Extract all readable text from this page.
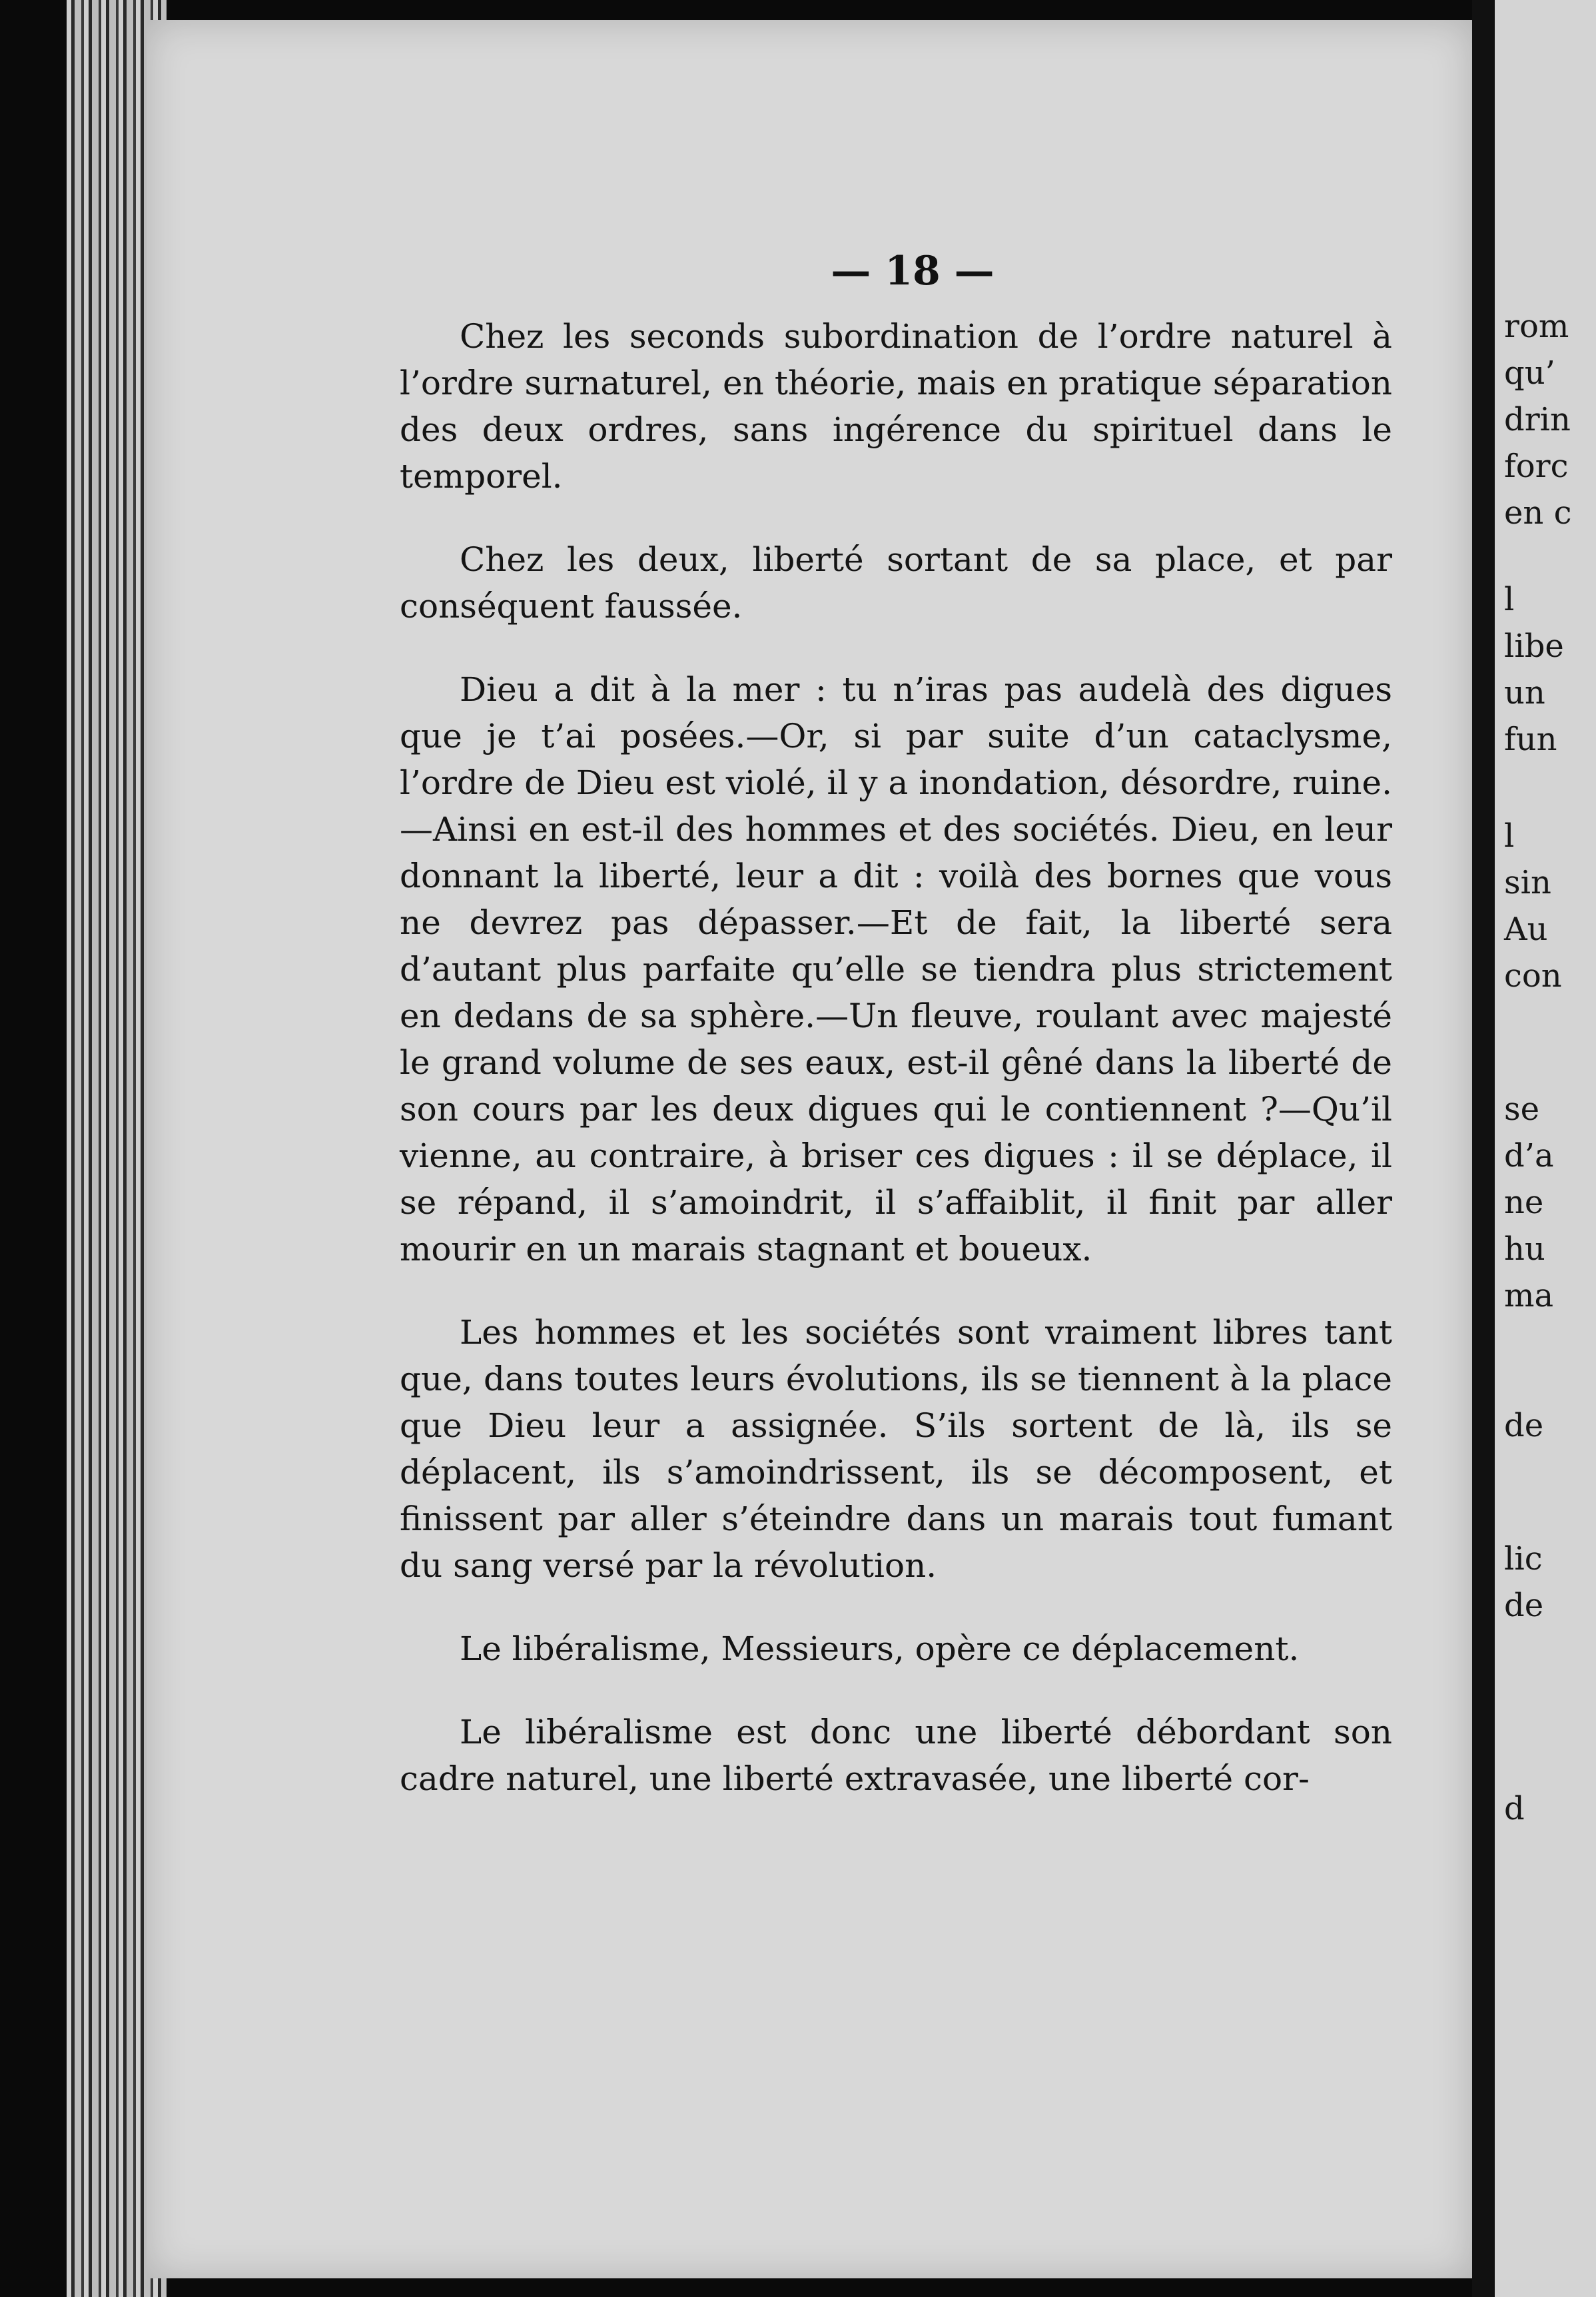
— 18 —

Chez les seconds subordination de l’ordre naturel à l’ordre surnaturel, en théorie, mais en pratique séparation des deux ordres, sans ingérence du spirituel dans le temporel.

Chez les deux, liberté sortant de sa place, et par conséquent faussée.

Dieu a dit à la mer : tu n’iras pas audelà des digues que je t’ai posées.—Or, si par suite d’un cataclysme, l’ordre de Dieu est violé, il y a inondation, désordre, ruine.—Ainsi en est-il des hommes et des sociétés. Dieu, en leur donnant la liberté, leur a dit : voilà des bornes que vous ne devrez pas dépasser.—Et de fait, la liberté sera d’autant plus parfaite qu’elle se tiendra plus strictement en dedans de sa sphère.—Un fleuve, roulant avec majesté le grand volume de ses eaux, est-il gêné dans la liberté de son cours par les deux digues qui le contiennent ?—Qu’il vienne, au contraire, à briser ces digues : il se déplace, il se répand, il s’amoindrit, il s’affaiblit, il finit par aller mourir en un marais stagnant et boueux.

Les hommes et les sociétés sont vraiment libres tant que, dans toutes leurs évolutions, ils se tiennent à la place que Dieu leur a assignée. S’ils sortent de là, ils se déplacent, ils s’amoindrissent, ils se décomposent, et finissent par aller s’éteindre dans un marais tout fumant du sang versé par la révolution.

Le libéralisme, Messieurs, opère ce déplacement.

Le libéralisme est donc une liberté débordant son cadre naturel, une liberté extravasée, une liberté cor-

rom
qu’
drin
forc
en c
l
libe
un
fun
l
sin
Au
con
se
d’a
ne
hu
ma
de
lic
de
d
